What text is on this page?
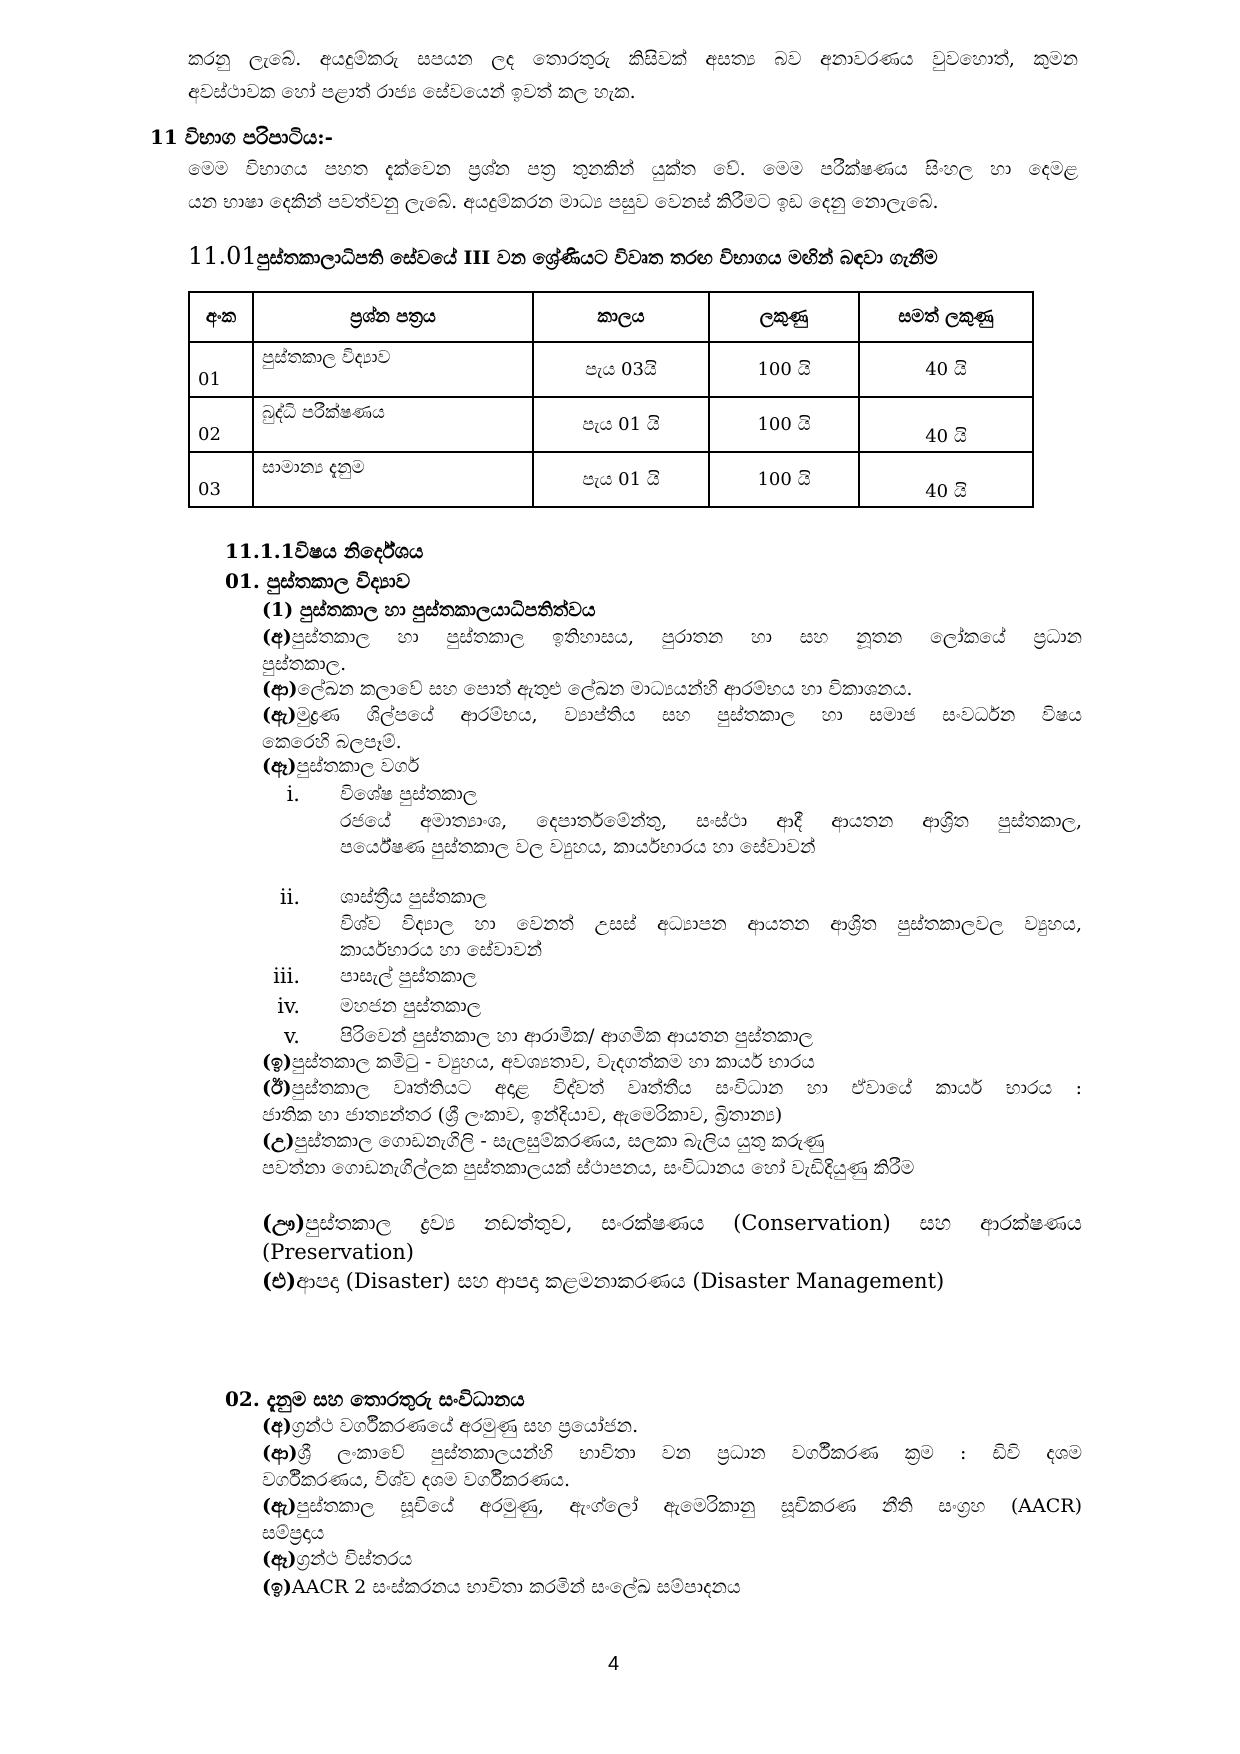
කරනු ලැබේ. අයදුම්කරු සපයන ලද තොරතුරු කිසිවක් අසත්‍ය බව අනාවරණය වුවහොත්, කුමන
අවස්ථාවක හෝ පළාත් රාජ්‍ය සේවයෙන් ඉවත් කල හැක.
11 විභාග පරිපාටිය:-
මෙම විභාගය පහත දැක්වෙන ප්‍රශ්න පත්‍ර තුනකින් යුක්ත වේ. මෙම පරීක්ෂණය සිංහල හා දෙමළ
යන භාෂා දෙකින් පවත්වනු ලැබේ. අයදුම්කරන මාධ්‍ය පසුව වෙනස් කිරීමට ඉඩ දෙනු නොලැබේ.
11.01පුස්තකාලාධිපති සේවයේ III වන ශ්‍රේණියට විවෘත තරඟ විභාගය මඟින් බඳවා ගැනීම
අංක	ප්‍රශ්න පත්‍රය	කාලය	ලකුණු	සමත් ලකුණු
01	පුස්තකාල විද්‍යාව	පැය 03යි	100 යි	40 යි
02	බුද්ධි පරීක්ෂණය	පැය 01 යි	100 යි	40 යි
03	සාමාන්‍ය දැනුම	පැය 01 යි	100 යි	40 යි
11.1.1විෂය නිර්දේශය
01. පුස්තකාල විද්‍යාව
(1) පුස්තකාල හා පුස්තකාලයාධිපතිත්වය
(අ)පුස්තකාල හා පුස්තකාල ඉතිහාසය, පුරාතන හා සහ නූතන ලෝකයේ ප්‍රධාන
පුස්තකාල.
(ආ)ලේඛන කලාවේ සහ පොත් ඇතුළු ලේඛන මාධ්‍යයන්හි ආරම්භය හා විකාශනය.
(ඇ)මුද්‍රණ ශිල්පයේ ආරම්භය, ව්‍යාප්තිය සහ පුස්තකාල හා සමාජ සංවර්ධන විෂය
කෙරෙහි බලපෑම්.
(ඈ)පුස්තකාල වර්ග
i. විශේෂ පුස්තකාල
රජයේ අමාත්‍යාංශ, දෙපාර්තමේන්තු, සංස්ථා ආදී ආයතන ආශ්‍රිත පුස්තකාල,
පර්යේෂණ පුස්තකාල වල ව්‍යුහය, කාර්යභාරය හා සේවාවන්
ii. ශාස්ත්‍රීය පුස්තකාල
විශ්ව විද්‍යාල හා වෙනත් උසස් අධ්‍යාපන ආයතන ආශ්‍රිත පුස්තකාලවල ව්‍යුහය,
කාර්යභාරය හා සේවාවන්
iii. පාසැල් පුස්තකාල
iv. මහජන පුස්තකාල
v. පිරිවෙන් පුස්තකාල හා ආරාමික/ ආගමික ආයතන පුස්තකාල
(ඉ)පුස්තකාල කමිටු - ව්‍යුහය, අවශ්‍යතාව, වැදගත්කම හා කාර්ය භාරය
(ඊ)පුස්තකාල වෘත්තියට අදාළ විද්වත් වෘත්තීය සංවිධාන හා ඒවායේ කාර්ය භාරය :
ජාතික හා ජාත්‍යන්තර (ශ්‍රී ලංකාව, ඉන්දියාව, ඇමෙරිකාව, බ්‍රිතාන්‍ය)
(උ)පුස්තකාල ගොඩනැගිලි - සැලසුම්කරණය, සලකා බැලිය යුතු කරුණු
පවත්නා ගොඩනැගිල්ලක පුස්තකාලයක් ස්ථාපනය, සංවිධානය හෝ වැඩිදියුණු කිරීම
(ඌ)පුස්තකාල ද්‍රව්‍ය නඩත්තුව, සංරක්ෂණය (Conservation) සහ ආරක්ෂණය
(Preservation)
(එ)ආපදා (Disaster) සහ ආපදා කළමනාකරණය (Disaster Management)
02. දැනුම සහ තොරතුරු සංවිධානය
(අ)ග්‍රන්ථ වර්ගීකරණයේ අරමුණු සහ ප්‍රයෝජන.
(ආ)ශ්‍රී ලංකාවේ පුස්තකාලයන්හි භාවිතා වන ප්‍රධාන වර්ගීකරණ ක්‍රම : ඩිවි දශම
වර්ගීකරණය, විශ්ව දශම වර්ගීකරණය.
(ඇ)පුස්තකාල සූචියේ අරමුණු, ඇංග්ලෝ ඇමෙරිකානු සූචිකරණ නීති සංග්‍රහ (AACR)
සම්ප්‍රදාය
(ඈ)ග්‍රන්ථ විස්තරය
(ඉ)AACR 2 සංස්කරනය භාවිතා කරමින් සංලේඛ සම්පාදනය
4
